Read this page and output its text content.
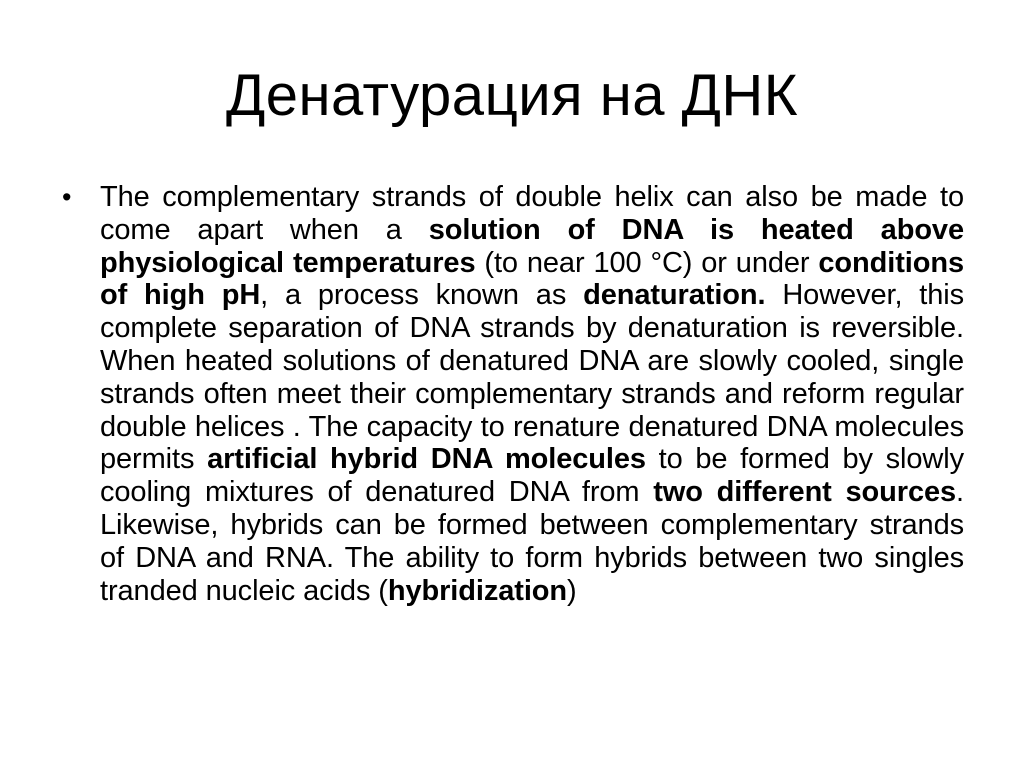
Денатурация на ДНК
• The complementary strands of double helix can also be made to come apart when a solution of DNA is heated above physiological temperatures (to near 100 °C) or under conditions of high pH, a process known as denaturation. However, this complete separation of DNA strands by denaturation is reversible. When heated solutions of denatured DNA are slowly cooled, single strands often meet their complementary strands and reform regular double helices . The capacity to renature denatured DNA molecules permits artificial hybrid DNA molecules to be formed by slowly cooling mixtures of denatured DNA from two different sources. Likewise, hybrids can be formed between complementary strands of DNA and RNA. The ability to form hybrids between two singles tranded nucleic acids (hybridization)
